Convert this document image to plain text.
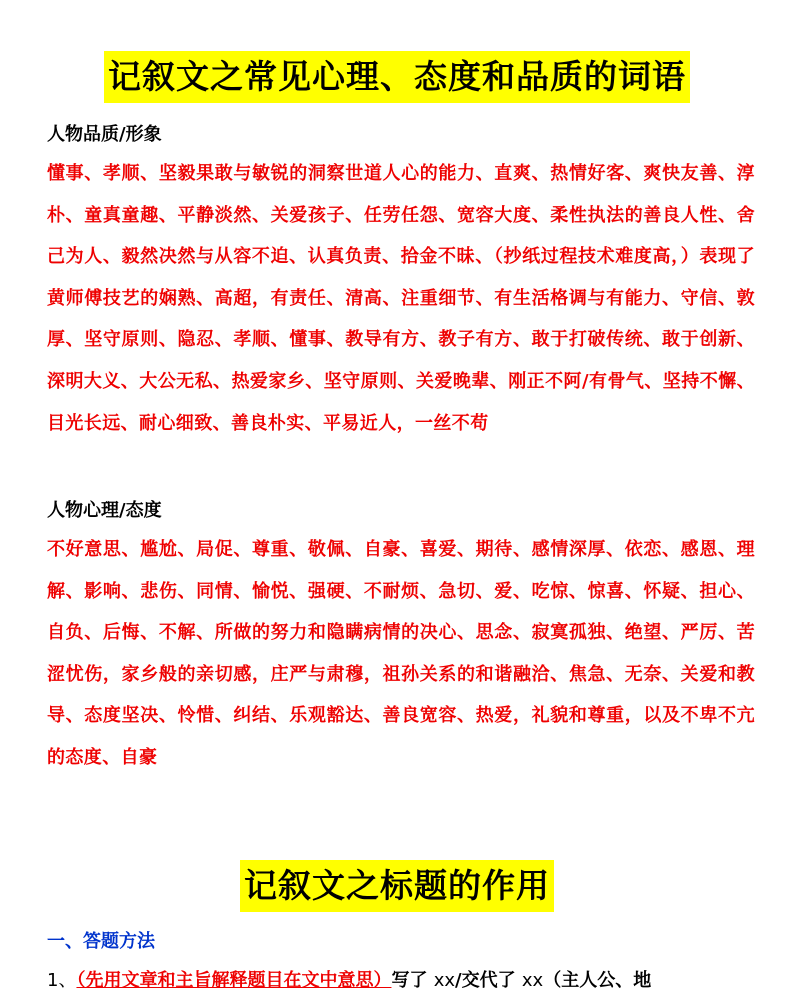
记叙文之常见心理、态度和品质的词语
人物品质/形象
懂事、孝顺、坚毅果敢与敏锐的洞察世道人心的能力、直爽、热情好客、爽快友善、淳朴、童真童趣、平静淡然、关爱孩子、任劳任怨、宽容大度、柔性执法的善良人性、舍己为人、毅然决然与从容不迫、认真负责、拾金不昧、（抄纸过程技术难度高，）表现了黄师傅技艺的娴熟、高超，有责任、清高、注重细节、有生活格调与有能力、守信、敦厚、坚守原则、隐忍、孝顺、懂事、教导有方、教子有方、敢于打破传统、敢于创新、深明大义、大公无私、热爱家乡、坚守原则、关爱晚辈、刚正不阿/有骨气、坚持不懈、目光长远、耐心细致、善良朴实、平易近人，一丝不苟
人物心理/态度
不好意思、尴尬、局促、尊重、敬佩、自豪、喜爱、期待、感情深厚、依恋、感恩、理解、影响、悲伤、同情、愉悦、强硬、不耐烦、急切、爱、吃惊、惊喜、怀疑、担心、自负、后悔、不解、所做的努力和隐瞒病情的决心、思念、寂寞孤独、绝望、严厉、苦涩忧伤，家乡般的亲切感，庄严与肃穆，祖孙关系的和谐融洽、焦急、无奈、关爱和教导、态度坚决、怜惜、纠结、乐观豁达、善良宽容、热爱，礼貌和尊重，以及不卑不亢的态度、自豪
记叙文之标题的作用
一、答题方法
1、（先用文章和主旨解释题目在文中意思）写了 xx/交代了 xx（主人公、地
